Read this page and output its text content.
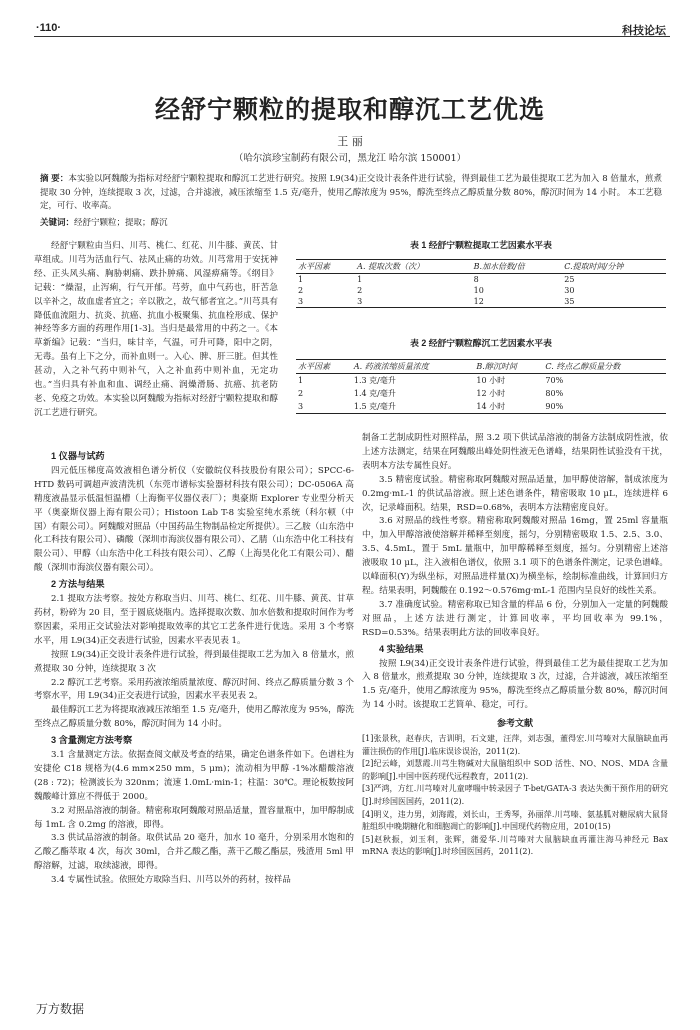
·110·	科技论坛
经舒宁颗粒的提取和醇沉工艺优选
王 丽
（哈尔滨珍宝制药有限公司，黑龙江 哈尔滨 150001）
摘 要：本实验以阿魏酸为指标对经舒宁颗粒提取和醇沉工艺进行研究。按照 L9(34)正交设计表条件进行试验，得到最佳工艺为最佳提取工艺为加入 8 倍量水，煎煮提取 30 分钟，连续提取 3 次，过滤，合并滤液，减压浓缩至 1.5 克/毫升，使用乙醇浓度为 95%，醇洗至终点乙醇质量分数 80%，醇沉时间为 14 小时。 本工艺稳定，可行、收率高。
关键词：经舒宁颗粒；提取；醇沉

经舒宁颗粒由当归、川芎、桃仁、红花、川牛膝、黄芪、甘草组成。川芎为活血行气、祛风止痛的功效。川芎常用于安抚神经、正头风头痛、胸胁刺痛、跌扑肿痛、风湿痹痛等。《纲目》记载：“燥湿，止泻痢，行气开郁。芎䓖，血中气药也，肝苦急以辛补之，故血虚者宜之；辛以散之，故气郁者宜之。”川芎具有降低血流阻力、抗炎、抗癌、抗血小板聚集、抗血栓形成、保护神经等多方面的药理作用[1-3]。当归是最常用的中药之一。《本草新编》记载：“当归，味甘辛，气温，可升可降，阳中之阴，无毒。虽有上下之分，而补血则一。入心、脾、肝三脏。但其性甚动，入之补气药中则补气，入之补血药中则补血，无定功也。”当归具有补血和血、调经止痛、润燥滑肠、抗癌、抗老防老、免疫之功效。本实验以阿魏酸为指标对经舒宁颗粒提取和醇沉工艺进行研究。

表 1 经舒宁颗粒提取工艺因素水平表
水平因素	A. 提取次数（次）	B.加水倍数/倍	C.提取时间/分钟
1	1	8	25
2	2	10	30
3	3	12	35
表 2 经舒宁颗粒醇沉工艺因素水平表
水平因素	A. 药液浓缩质量浓度	B.醇沉时间	C. 终点乙醇质量分数
1	1.3 克/毫升	10 小时	70%
2	1.4 克/毫升	12 小时	80%
3	1.5 克/毫升	14 小时	90%
1 仪器与试药

四元低压梯度高效液相色谱分析仪（安徽皖仪科技股份有限公司）；SPCC-6-HTD 数码可调超声波清洗机（东莞市谱标实验器材科技有限公司）；DC-0506A 高精度液晶显示低温恒温槽（上海衡平仪器仪表厂）；奥豪斯 Explorer 专业型分析天平（奥豪斯仪器上海有限公司）；Histoon Lab T-8 实验室纯水系统（科尔顿（中国）有限公司）。阿魏酸对照品（中国药品生物制品检定所提供）。三乙胺（山东浩中化工科技有限公司）、磷酸（深圳市海滨仪器有限公司）、乙腈（山东浩中化工科技有限公司）、甲醇（山东浩中化工科技有限公司）、乙醇（上海昊化化工有限公司）、醋酸（深圳市海滨仪器有限公司）。

2 方法与结果

2.1 提取方法考察。按处方称取当归、川芎、桃仁、红花、川牛膝、黄芪、甘草药材，粉碎为 20 目，至于圆底烧瓶内。选择提取次数、加水倍数和提取时间作为考察因素，采用正交试验法对影响提取效率的其它工艺条件进行优选。采用 3 个考察水平，用 L9(34)正交表进行试验，因素水平表见表 1。

按照 L9(34)正交设计表条件进行试验，得到最佳提取工艺为加入 8 倍量水，煎煮提取 30 分钟，连续提取 3 次

2.2 醇沉工艺考察。采用药液浓缩质量浓度、醇沉时间、终点乙醇质量分数 3 个考察水平，用 L9(34)正交表进行试验，因素水平表见表 2。

最佳醇沉工艺为将提取液减压浓缩至 1.5 克/毫升，使用乙醇浓度为 95%，醇洗至终点乙醇质量分数 80%，醇沉时间为 14 小时。

3 含量测定方法考察

3.1 含量测定方法。依据查阅文献及考查的结果，确定色谱条件如下。色谱柱为安捷伦 C18 规格为(4.6 mm×250 mm，5 μm)；流动相为甲醇 -1%冰醋酸溶液 (28 : 72)；检测波长为 320nm；流速 1.0mL·min-1；柱温：30℃。理论板数按阿魏酸峰计算应不得低于 2000。

3.2 对照品溶液的制备。精密称取阿魏酸对照品适量，置容量瓶中，加甲醇制成每 1mL 含 0.2mg 的溶液，即得。

3.3 供试品溶液的制备。取供试品 20 毫升，加水 10 毫升，分别采用水饱和的乙酸乙酯萃取 4 次，每次 30ml，合并乙酸乙酯，蒸干乙酸乙酯层，残渣用 5ml 甲醇溶解，过滤，取续滤液，即得。

3.4 专属性试验。依照处方取除当归、川芎以外的药材，按样品

制备工艺制成阴性对照样品，照 3.2 项下供试品溶液的制备方法制成阴性液，依上述方法测定，结果在阿魏酸出峰处阴性液无色谱峰，结果阴性试验没有干扰，表明本方法专属性良好。

3.5 精密度试验。精密称取阿魏酸对照品适量，加甲醇使溶解，制成浓度为 0.2mg·mL-1 的供试品溶液。照上述色谱条件，精密吸取 10 μL，连续进样 6 次，记录峰面积。结果，RSD=0.68%，表明本方法精密度良好。

3.6 对照品的线性考察。精密称取阿魏酸对照品 16mg，置 25ml 容量瓶中，加入甲醇溶液使溶解并稀释至刻度，摇匀，分别精密吸取 1.5、2.5、3.0、3.5、4.5mL，置于 5mL 量瓶中，加甲醇稀释至刻度，摇匀。分别精密上述溶液吸取 10 μL，注入液相色谱仪，依照 3.1 项下的色谱条件测定，记录色谱峰。以峰面积(Y)为纵坐标，对照品进样量(X)为横坐标，绘制标准曲线，计算回归方程。结果表明，阿魏酸在 0.192～0.576mg·mL-1 范围内呈良好的线性关系。

3.7 准确度试验。精密称取已知含量的样品 6 份，分别加入一定量的阿魏酸对照品，上述方法进行测定，计算回收率，平均回收率为 99.1%，RSD=0.53%。结果表明此方法的回收率良好。

4 实验结果

按照 L9(34)正交设计表条件进行试验，得到最佳工艺为最佳提取工艺为加入 8 倍量水，煎煮提取 30 分钟，连续提取 3 次，过滤，合并滤液，减压浓缩至 1.5 克/毫升，使用乙醇浓度为 95%，醇洗至终点乙醇质量分数 80%，醇沉时间为 14 小时。该提取工艺简单、稳定，可行。

参考文献

[1]张景秋，赵春庆，吉训明，石文建，汪萍，刘志强，董得宏.川芎嗪对大鼠脑缺血再灌注损伤的作用[J].临床误诊误治，2011(2).

[2]纪云峰，刘慧霞.川芎生物碱对大鼠脑组织中 SOD 活性、NO、NOS、MDA 含量的影响[J].中国中医药现代远程教育，2011(2).

[3]严鸿，方红.川芎嗪对儿童哮喘中转录因子 T-bet/GATA-3 表达失衡干预作用的研究[J].时珍国医国药，2011(2).

[4]明义，违力男，刘海霞，刘长山，王秀琴，孙丽萍.川芎嗪、氨基胍对糖尿病大鼠肾脏组织中晚期糖化和细胞凋亡的影响[J].中国现代药物应用，2010(15)

[5]赵秋振，刘玉利，张辉，蒲爱华.川芎嗪对大鼠脑缺血再灌注海马神经元 Bax mRNA 表达的影响[J].时珍国医国药，2011(2).

万方数据
